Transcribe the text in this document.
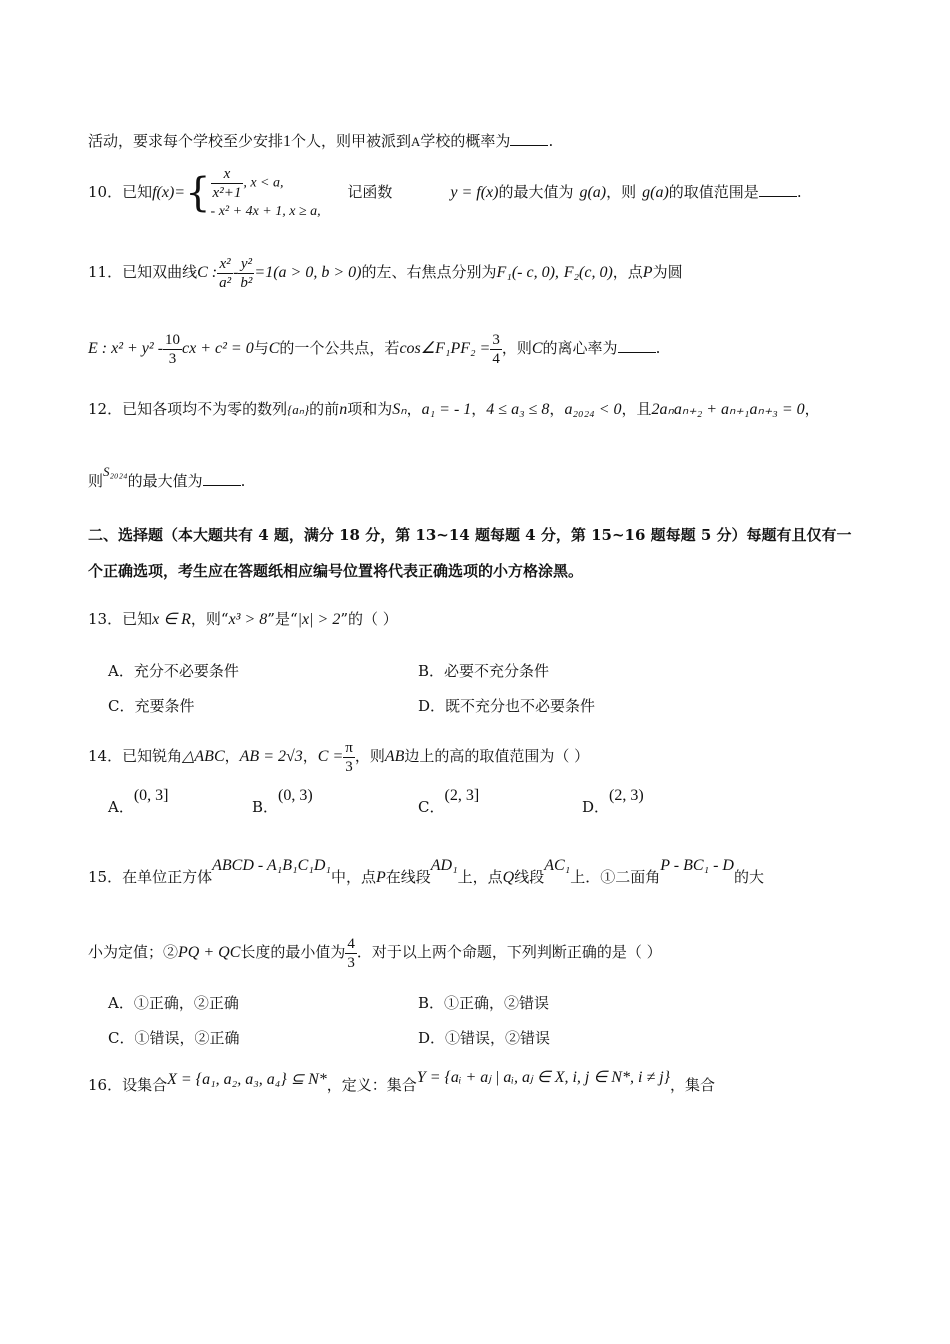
活动，要求每个学校至少安排1个人，则甲被派到A学校的概率为	.
10．已知$f(x)=\{ \frac{x}{\text{x²+1}}$ , x < a,
- x² + 4x + 1, x ≥ a,
记函数	y = f(x)的最大值为 g(a)，则 g(a)的取值范围是	.
11．已知双曲线C : $\frac{\text{x²}}{\text{a²}} - \frac{\text{y²}}{\text{b²}} =1(a > 0$, b > 0)的左、右焦点分别为F₁(- c, 0), F₂(c, 0)，点P为圆
E : $x^2 + y^2 - \frac{10}{3}$ cx + c² = 0与C的一个公共点，若cos∠F₁PF₂ = $\frac{3}{4}$ ，则C的离心率为	.
12．已知各项均不为零的数列{aₙ}的前n项和为Sₙ，a₁ = - 1，4 ≤ a₃ ≤ 8，a₂₀₂₄ < 0，且2aₙaₙ₊₂ + aₙ₊₁aₙ₊₃ = 0，
则S₂₀₂₄的最大值为	.
二、选择题（本大题共有 4 题，满分 18 分，第 13~14 题每题 4 分，第 15~16 题每题 5 分）每题有且仅有一
个正确选项，考生应在答题纸相应编号位置将代表正确选项的小方格涂黑。
13．已知x ∈ R，则“x³ > 8”是“|x| > 2”的（ ）
A．充分不必要条件	B．必要不充分条件
C．充要条件	D．既不充分也不必要条件
14．已知锐角△ABC，AB = 2√3，$C = \frac{\pi}{3}$ ，则AB边上的高的取值范围为（ ）
A．(0, 3]
B．(0, 3)
C．(2, 3]
D．(2, 3)
15．在单位正方体ABCD - A₁B₁C₁D₁中，点P在线段AD₁上，点Q线段AC₁上．①二面角P - BC₁ - D的大
小为定值；②PQ + QC长度的最小值为 $\frac{4}{3}$ ．对于以上两个命题，下列判断正确的是（ ）
A．①正确，②正确	B．①正确，②错误
C．①错误，②正确	D．①错误，②错误
16．设集合X = {a₁, a₂, a₃, a₄} ⊆ N*，定义：集合Y = {aᵢ + aⱼ | aᵢ, aⱼ ∈ X, i, j ∈ N*, i ≠ j}，集合
